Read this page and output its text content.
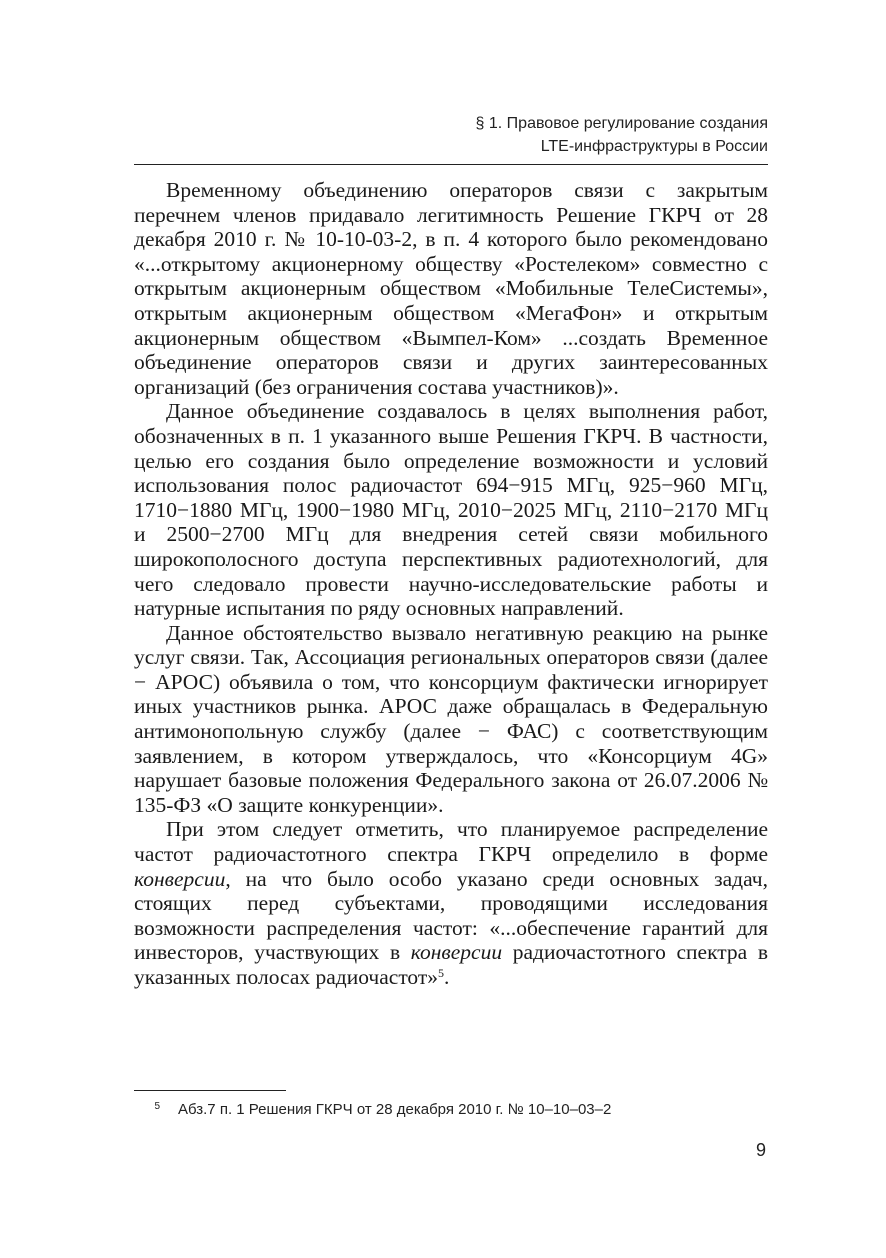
§ 1. Правовое регулирование создания
LTE-инфраструктуры в России

Временному объединению операторов связи с закрытым перечнем членов придавало легитимность Решение ГКРЧ от 28 декабря 2010 г. № 10-10-03-2, в п. 4 которого было рекомендовано «...открытому акционерному обществу «Ростелеком» совместно с открытым акционерным обществом «Мобильные ТелеСистемы», открытым акционерным обществом «МегаФон» и открытым акционерным обществом «Вымпел-Ком» ...создать Временное объединение операторов связи и других заинтересованных организаций (без ограничения состава участников)».

Данное объединение создавалось в целях выполнения работ, обозначенных в п. 1 указанного выше Решения ГКРЧ. В частности, целью его создания было определение возможности и условий использования полос радиочастот 694−915 МГц, 925−960 МГц, 1710−1880 МГц, 1900−1980 МГц, 2010−2025 МГц, 2110−2170 МГц и 2500−2700 МГц для внедрения сетей связи мобильного широкополосного доступа перспективных радиотехнологий, для чего следовало провести научно-исследовательские работы и натурные испытания по ряду основных направлений.

Данное обстоятельство вызвало негативную реакцию на рынке услуг связи. Так, Ассоциация региональных операторов связи (далее − АРОС) объявила о том, что консорциум фактически игнорирует иных участников рынка. АРОС даже обращалась в Федеральную антимонопольную службу (далее − ФАС) с соответствующим заявлением, в котором утверждалось, что «Консорциум 4G» нарушает базовые положения Федерального закона от 26.07.2006 № 135-ФЗ «О защите конкуренции».

При этом следует отметить, что планируемое распределение частот радиочастотного спектра ГКРЧ определило в форме конверсии, на что было особо указано среди основных задач, стоящих перед субъектами, проводящими исследования возможности распределения частот: «...обеспечение гарантий для инвесторов, участвующих в конверсии радиочастотного спектра в указанных полосах радиочастот»$^5$.

5 Абз.7 п. 1 Решения ГКРЧ от 28 декабря 2010 г. № 10–10–03–2
9
